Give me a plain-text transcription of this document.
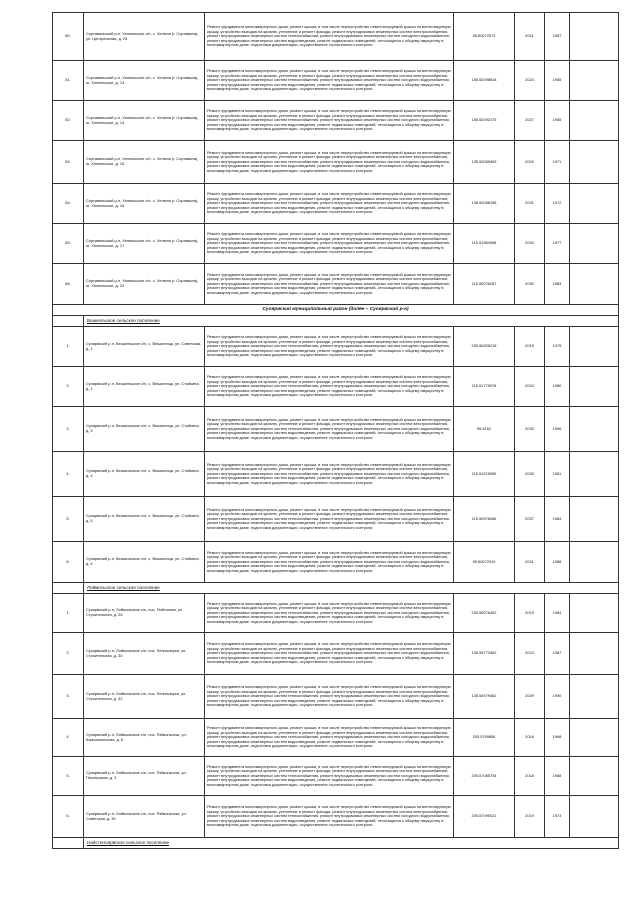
80.	Сортавальский р-н, Хелюльское с/п, с. Хелюля (г. Сортавала), ул. Центральная, д. 25	Ремонт фундамента многоквартирного дома, ремонт крыши, в том числе переустройство невентилируемой крыши на вентилируемую крышу, устройство выходов на кровлю, утепление и ремонт фасада, ремонт внутридомовых инженерных систем электроснабжения, ремонт внутридомовых инженерных систем теплоснабжения, ремонт внутридомовых инженерных систем холодного водоснабжения, ремонт внутридомовых инженерных систем водоотведения, ремонт подвальных помещений, относящихся к общему имуществу в многоквартирном доме, подготовка документации, осуществление строительного контроля	95.50072073	2041	1987	
81.	Сортавальский р-н, Хелюльское с/п, с. Хелюля (г. Сортавала), ш. Хелюльское, д. 13	Ремонт фундамента многоквартирного дома, ремонт крыши, в том числе переустройство невентилируемой крыши на вентилируемую крышу, устройство выходов на кровлю, утепление и ремонт фасада, ремонт внутридомовых инженерных систем электроснабжения, ремонт внутридомовых инженерных систем теплоснабжения, ремонт внутридомовых инженерных систем холодного водоснабжения, ремонт внутридомовых инженерных систем водоотведения, ремонт подвальных помещений, относящихся к общему имуществу в многоквартирном доме, подготовка документации, осуществление строительного контроля	155.52098818	2024	1965	
82.	Сортавальский р-н, Хелюльское с/п, с. Хелюля (г. Сортавала), ш. Хелюльское, д. 14	Ремонт фундамента многоквартирного дома, ремонт крыши, в том числе переустройство невентилируемой крыши на вентилируемую крышу, устройство выходов на кровлю, утепление и ремонт фасада, ремонт внутридомовых инженерных систем электроснабжения, ремонт внутридомовых инженерных систем теплоснабжения, ремонт внутридомовых инженерных систем холодного водоснабжения, ремонт внутридомовых инженерных систем водоотведения, ремонт подвальных помещений, относящихся к общему имуществу в многоквартирном доме, подготовка документации, осуществление строительного контроля	155.52092475	2027	1965	
83.	Сортавальский р-н, Хелюльское с/п, с. Хелюля (г. Сортавала), ш. Хелюльское, д. 15	Ремонт фундамента многоквартирного дома, ремонт крыши, в том числе переустройство невентилируемой крыши на вентилируемую крышу, устройство выходов на кровлю, утепление и ремонт фасада, ремонт внутридомовых инженерных систем электроснабжения, ремонт внутридомовых инженерных систем теплоснабжения, ремонт внутридомовых инженерных систем холодного водоснабжения, ремонт внутридомовых инженерных систем водоотведения, ремонт подвальных помещений, относящихся к общему имуществу в многоквартирном доме, подготовка документации, осуществление строительного контроля	135.52089983	2029	1971	
84.	Сортавальский р-н, Хелюльское с/п, с. Хелюля (г. Сортавала), ш. Хелюльское, д. 16	Ремонт фундамента многоквартирного дома, ремонт крыши, в том числе переустройство невентилируемой крыши на вентилируемую крышу, устройство выходов на кровлю, утепление и ремонт фасада, ремонт внутридомовых инженерных систем электроснабжения, ремонт внутридомовых инженерных систем теплоснабжения, ремонт внутридомовых инженерных систем холодного водоснабжения, ремонт внутридомовых инженерных систем водоотведения, ремонт подвальных помещений, относящихся к общему имуществу в многоквартирном доме, подготовка документации, осуществление строительного контроля	135.52088198	2031	1972	
85.	Сортавальский р-н, Хелюльское с/п, с. Хелюля (г. Сортавала), ш. Хелюльское, д. 17	Ремонт фундамента многоквартирного дома, ремонт крыши, в том числе переустройство невентилируемой крыши на вентилируемую крышу, устройство выходов на кровлю, утепление и ремонт фасада, ремонт внутридомовых инженерных систем электроснабжения, ремонт внутридомовых инженерных систем теплоснабжения, ремонт внутридомовых инженерных систем холодного водоснабжения, ремонт внутридомовых инженерных систем водоотведения, ремонт подвальных помещений, относящихся к общему имуществу в многоквартирном доме, подготовка документации, осуществление строительного контроля	115.51984998	2034	1977	
86.	Сортавальский р-н, Хелюльское с/п, с. Хелюля (г. Сортавала), ш. Хелюльское, д. 22	Ремонт фундамента многоквартирного дома, ремонт крыши, в том числе переустройство невентилируемой крыши на вентилируемую крышу, устройство выходов на кровлю, утепление и ремонт фасада, ремонт внутридомовых инженерных систем электроснабжения, ремонт внутридомовых инженерных систем теплоснабжения, ремонт внутридомовых инженерных систем холодного водоснабжения, ремонт внутридомовых инженерных систем водоотведения, ремонт подвальных помещений, относящихся к общему имуществу в многоквартирном доме, подготовка документации, осуществление строительного контроля	115.50076287	2030	1983	
Суоярвский муниципальный район (далее – Суоярвский р-н)						
	Вешкельское сельское поселение					
1.	Суоярвский р-н, Вешкельское с/п, с. Вешкелица, ул. Советская, д. 1	Ремонт фундамента многоквартирного дома, ремонт крыши, в том числе переустройство невентилируемой крыши на вентилируемую крышу, устройство выходов на кровлю, утепление и ремонт фасада, ремонт внутридомовых инженерных систем электроснабжения, ремонт внутридомовых инженерных систем теплоснабжения, ремонт внутридомовых инженерных систем холодного водоснабжения, ремонт внутридомовых инженерных систем водоотведения, ремонт подвальных помещений, относящихся к общему имуществу в многоквартирном доме, подготовка документации, осуществление строительного контроля	205.56305218	2019	1975	
2.	Суоярвский р-н, Вешкельское с/п, с. Вешкелица, ул. Стойкина, д. 1	Ремонт фундамента многоквартирного дома, ремонт крыши, в том числе переустройство невентилируемой крыши на вентилируемую крышу, устройство выходов на кровлю, утепление и ремонт фасада, ремонт внутридомовых инженерных систем электроснабжения, ремонт внутридомовых инженерных систем теплоснабжения, ремонт внутридомовых инженерных систем холодного водоснабжения, ремонт внутридомовых инженерных систем водоотведения, ремонт подвальных помещений, относящихся к общему имуществу в многоквартирном доме, подготовка документации, осуществление строительного контроля	115.51778978	2024	1980	
3.	Суоярвский р-н, Вешкельское с/п, с. Вешкелица, ул. Стойкина, д. 3	Ремонт фундамента многоквартирного дома, ремонт крыши, в том числе переустройство невентилируемой крыши на вентилируемую крышу, устройство выходов на кровлю, утепление и ремонт фасада, ремонт внутридомовых инженерных систем электроснабжения, ремонт внутридомовых инженерных систем теплоснабжения, ремонт внутридомовых инженерных систем холодного водоснабжения, ремонт внутридомовых инженерных систем водоотведения, ремонт подвальных помещений, относящихся к общему имуществу в многоквартирном доме, подготовка документации, осуществление строительного контроля	95.5162	2039	1996	
4.	Суоярвский р-н, Вешкельское с/п, с. Вешкелица, ул. Стойкина, д. 4	Ремонт фундамента многоквартирного дома, ремонт крыши, в том числе переустройство невентилируемой крыши на вентилируемую крышу, устройство выходов на кровлю, утепление и ремонт фасада, ремонт внутридомовых инженерных систем электроснабжения, ремонт внутридомовых инженерных систем теплоснабжения, ремонт внутридомовых инженерных систем холодного водоснабжения, ремонт внутридомовых инженерных систем водоотведения, ремонт подвальных помещений, относящихся к общему имуществу в многоквартирном доме, подготовка документации, осуществление строительного контроля	115.51578985	2035	1981	
5.	Суоярвский р-н, Вешкельское с/п, с. Вешкелица, ул. Стойкина, д. 5	Ремонт фундамента многоквартирного дома, ремонт крыши, в том числе переустройство невентилируемой крыши на вентилируемую крышу, устройство выходов на кровлю, утепление и ремонт фасада, ремонт внутридомовых инженерных систем электроснабжения, ремонт внутридомовых инженерных систем теплоснабжения, ремонт внутридомовых инженерных систем холодного водоснабжения, ремонт внутридомовых инженерных систем водоотведения, ремонт подвальных помещений, относящихся к общему имуществу в многоквартирном доме, подготовка документации, осуществление строительного контроля	115.50576066	2037	1984	
6.	Суоярвский р-н, Вешкельское с/п, с. Вешкелица, ул. Стойкина, д. 6	Ремонт фундамента многоквартирного дома, ремонт крыши, в том числе переустройство невентилируемой крыши на вентилируемую крышу, устройство выходов на кровлю, утепление и ремонт фасада, ремонт внутридомовых инженерных систем электроснабжения, ремонт внутридомовых инженерных систем теплоснабжения, ремонт внутридомовых инженерных систем холодного водоснабжения, ремонт внутридомовых инженерных систем водоотведения, ремонт подвальных помещений, относящихся к общему имуществу в многоквартирном доме, подготовка документации, осуществление строительного контроля	95.50072019	2041	1988	
	Лоймольское сельское поселение					
1.	Суоярвский р-н, Лоймольское с/п, пос. Пийтсиеки, ул. Строительная, д. 28	Ремонт фундамента многоквартирного дома, ремонт крыши, в том числе переустройство невентилируемой крыши на вентилируемую крышу, устройство выходов на кровлю, утепление и ремонт фасада, ремонт внутридомовых инженерных систем электроснабжения, ремонт внутридомовых инженерных систем теплоснабжения, ремонт внутридомовых инженерных систем холодного водоснабжения, ремонт внутридомовых инженерных систем водоотведения, ремонт подвальных помещений, относящихся к общему имуществу в многоквартирном доме, подготовка документации, осуществление строительного контроля	205.55076452	2019	1984	
2.	Суоярвский р-н, Лоймольское с/п, пос. Леппясюрья, ул. Строительная, д. 30	Ремонт фундамента многоквартирного дома, ремонт крыши, в том числе переустройство невентилируемой крыши на вентилируемую крышу, устройство выходов на кровлю, утепление и ремонт фасада, ремонт внутридомовых инженерных систем электроснабжения, ремонт внутридомовых инженерных систем теплоснабжения, ремонт внутридомовых инженерных систем холодного водоснабжения, ремонт внутридомовых инженерных систем водоотведения, ремонт подвальных помещений, относящихся к общему имуществу в многоквартирном доме, подготовка документации, осуществление строительного контроля	135.55773462	2024	1987	
3.	Суоярвский р-н, Лоймольское с/п, пос. Леппясюрья, ул. Строительная, д. 32	Ремонт фундамента многоквартирного дома, ремонт крыши, в том числе переустройство невентилируемой крыши на вентилируемую крышу, устройство выходов на кровлю, утепление и ремонт фасада, ремонт внутридомовых инженерных систем электроснабжения, ремонт внутридомовых инженерных систем теплоснабжения, ремонт внутридомовых инженерных систем холодного водоснабжения, ремонт внутридомовых инженерных систем водоотведения, ремонт подвальных помещений, относящихся к общему имуществу в многоквартирном доме, подготовка документации, осуществление строительного контроля	135.54979462	2029	1990	
4.	Суоярвский р-н, Лоймольское с/п, пос. Райконкоски, ул. Комсомольская, д. 6	Ремонт фундамента многоквартирного дома, ремонт крыши, в том числе переустройство невентилируемой крыши на вентилируемую крышу, устройство выходов на кровлю, утепление и ремонт фасада, ремонт внутридомовых инженерных систем электроснабжения, ремонт внутридомовых инженерных систем теплоснабжения, ремонт внутридомовых инженерных систем холодного водоснабжения, ремонт внутридомовых инженерных систем водоотведения, ремонт подвальных помещений, относящихся к общему имуществу в многоквартирном доме, подготовка документации, осуществление строительного контроля	205.5789856	2018	1968	
5.	Суоярвский р-н, Лоймольское с/п, пос. Райконкоски, ул. Пионерская, д. 3	Ремонт фундамента многоквартирного дома, ремонт крыши, в том числе переустройство невентилируемой крыши на вентилируемую крышу, устройство выходов на кровлю, утепление и ремонт фасада, ремонт внутридомовых инженерных систем электроснабжения, ремонт внутридомовых инженерных систем теплоснабжения, ремонт внутридомовых инженерных систем холодного водоснабжения, ремонт внутридомовых инженерных систем водоотведения, ремонт подвальных помещений, относящихся к общему имуществу в многоквартирном доме, подготовка документации, осуществление строительного контроля	205.57085734	2018	1968	
6.	Суоярвский р-н, Лоймольское с/п, пос. Райконкоски, ул. Советская, д. 30	Ремонт фундамента многоквартирного дома, ремонт крыши, в том числе переустройство невентилируемой крыши на вентилируемую крышу, устройство выходов на кровлю, утепление и ремонт фасада, ремонт внутридомовых инженерных систем электроснабжения, ремонт внутридомовых инженерных систем теплоснабжения, ремонт внутридомовых инженерных систем холодного водоснабжения, ремонт внутридомовых инженерных систем водоотведения, ремонт подвальных помещений, относящихся к общему имуществу в многоквартирном доме, подготовка документации, осуществление строительного контроля	205.57095021	2019	1973	
	Найстенъярвское сельское поселение					
